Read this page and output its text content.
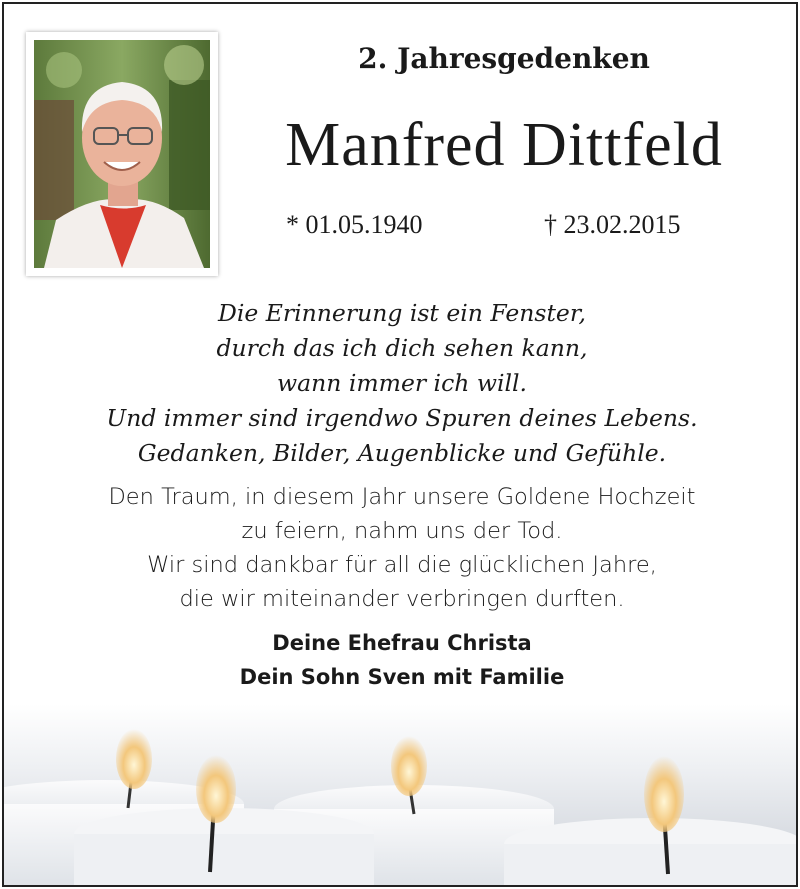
2. Jahresgedenken
Manfred Dittfeld
* 01.05.1940	† 23.02.2015
Die Erinnerung ist ein Fenster,
durch das ich dich sehen kann,
wann immer ich will.
Und immer sind irgendwo Spuren deines Lebens.
Gedanken, Bilder, Augenblicke und Gefühle.
Den Traum, in diesem Jahr unsere Goldene Hochzeit
zu feiern, nahm uns der Tod.
Wir sind dankbar für all die glücklichen Jahre,
die wir miteinander verbringen durften.
Deine Ehefrau Christa
Dein Sohn Sven mit Familie
